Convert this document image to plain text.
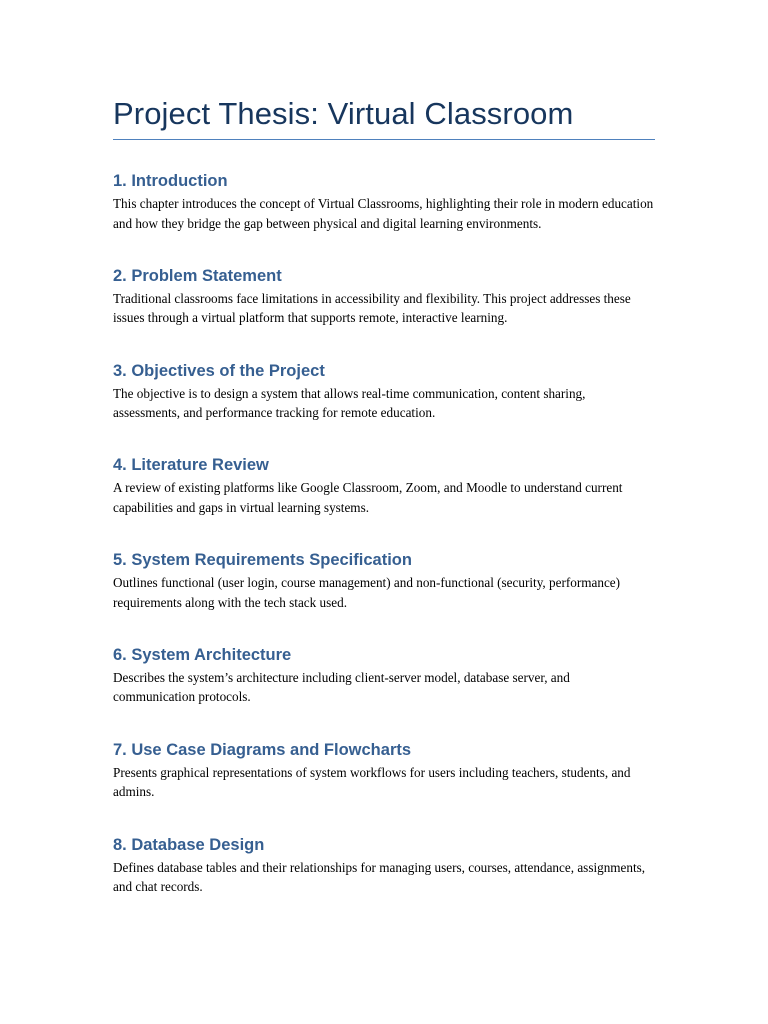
Project Thesis: Virtual Classroom
1. Introduction

This chapter introduces the concept of Virtual Classrooms, highlighting their role in modern education and how they bridge the gap between physical and digital learning environments.

2. Problem Statement

Traditional classrooms face limitations in accessibility and flexibility. This project addresses these issues through a virtual platform that supports remote, interactive learning.

3. Objectives of the Project

The objective is to design a system that allows real-time communication, content sharing, assessments, and performance tracking for remote education.

4. Literature Review

A review of existing platforms like Google Classroom, Zoom, and Moodle to understand current capabilities and gaps in virtual learning systems.

5. System Requirements Specification

Outlines functional (user login, course management) and non-functional (security, performance) requirements along with the tech stack used.

6. System Architecture

Describes the system’s architecture including client-server model, database server, and communication protocols.

7. Use Case Diagrams and Flowcharts

Presents graphical representations of system workflows for users including teachers, students, and admins.

8. Database Design

Defines database tables and their relationships for managing users, courses, attendance, assignments, and chat records.
